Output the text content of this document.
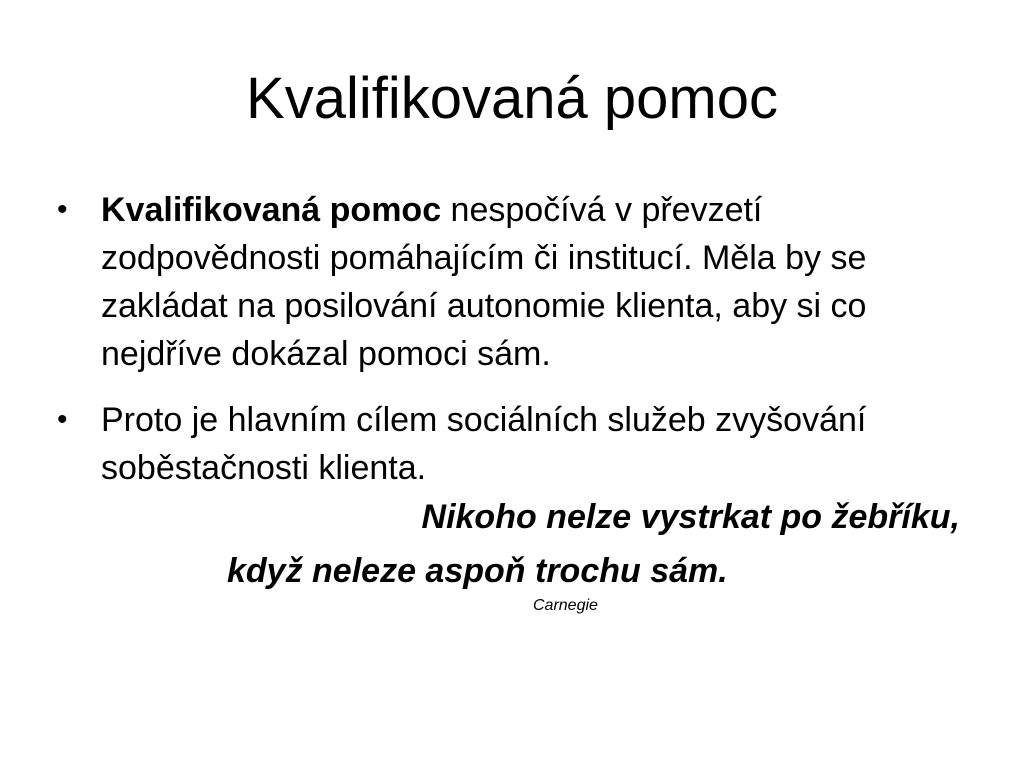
Kvalifikovaná pomoc
• Kvalifikovaná pomoc nespočívá v převzetí zodpovědnosti pomáhajícím či institucí. Měla by se zakládat na posilování autonomie klienta, aby si co nejdříve dokázal pomoci sám.
• Proto je hlavním cílem sociálních služeb zvyšování soběstačnosti klienta.
Nikoho nelze vystrkat po žebříku,
když neleze aspoň trochu sám.
Carnegie
